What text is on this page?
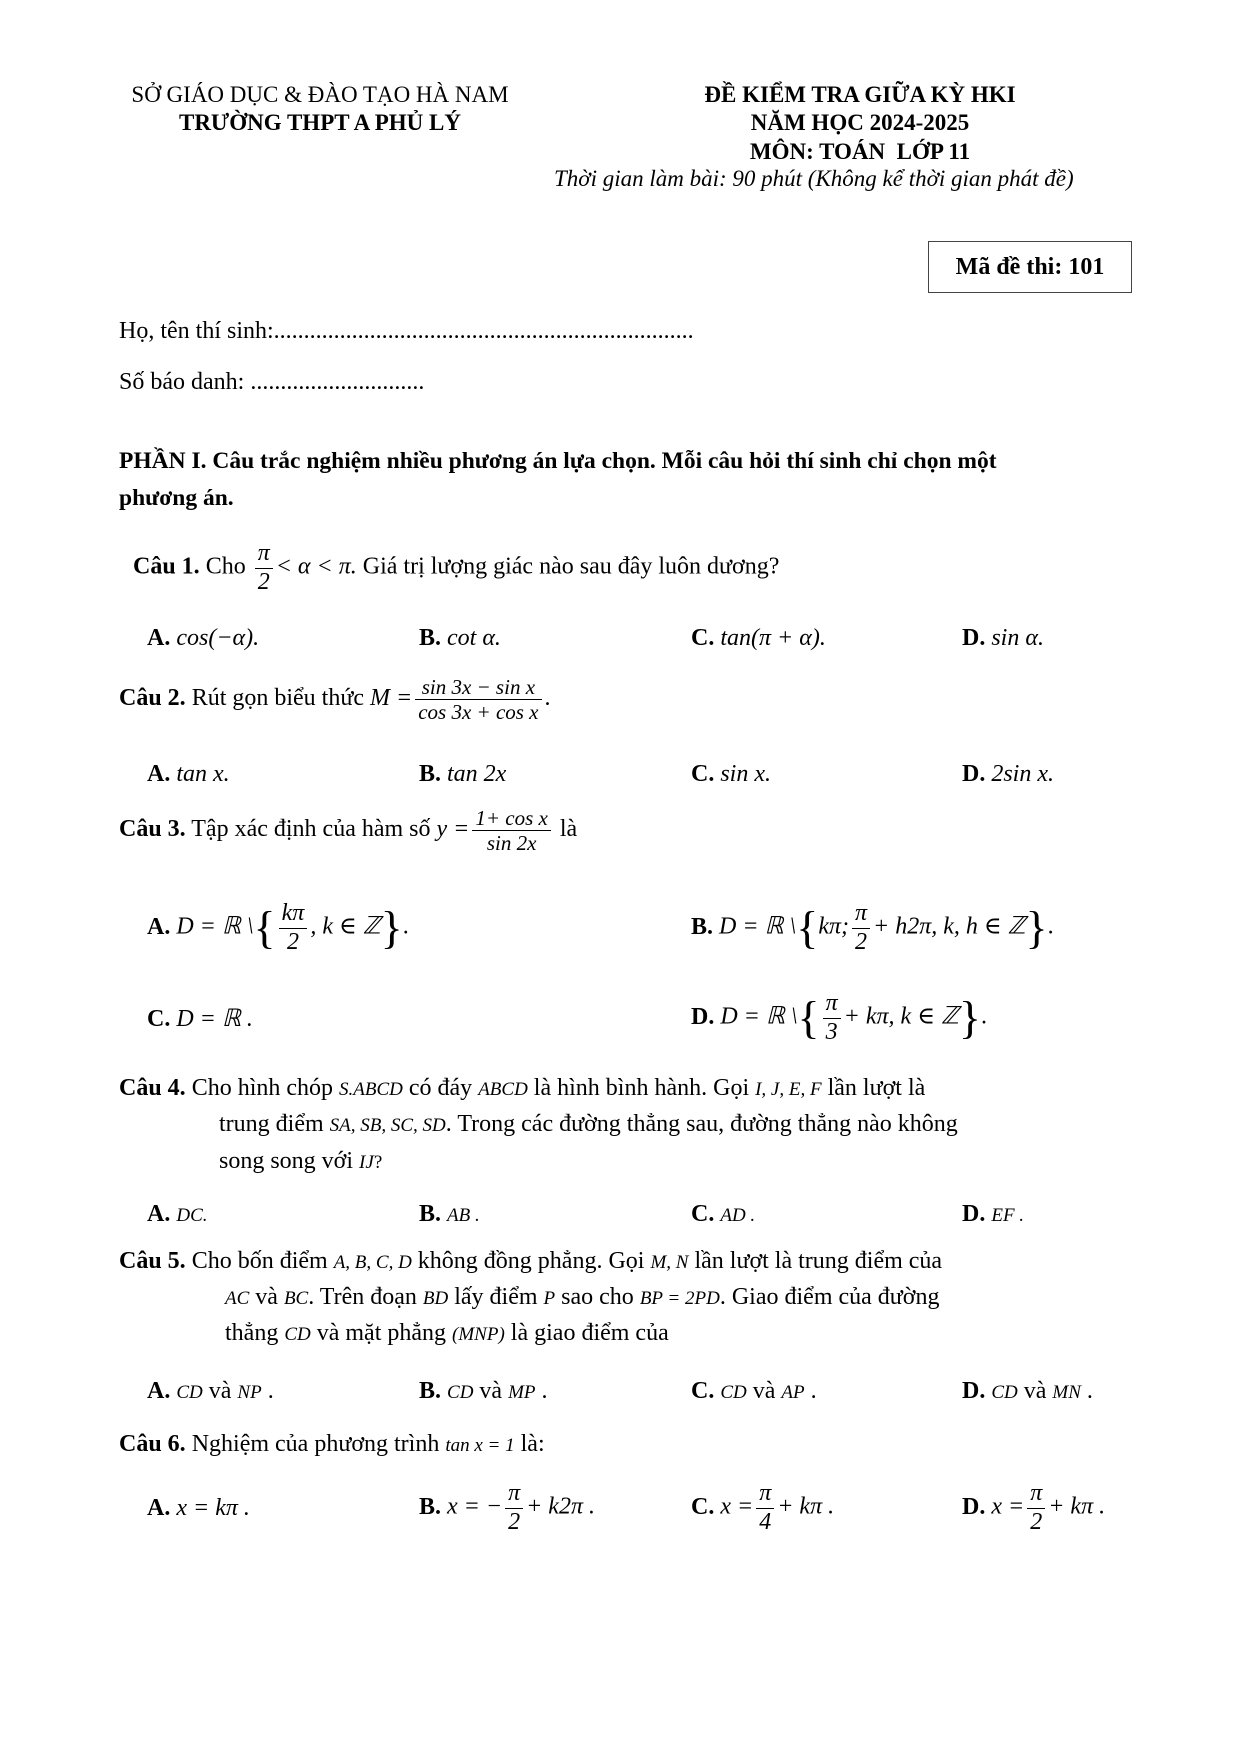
SỞ GIÁO DỤC & ĐÀO TẠO HÀ NAM
TRƯỜNG THPT A PHỦ LÝ
ĐỀ KIỂM TRA GIỮA KỲ HKI
NĂM HỌC 2024-2025
MÔN: TOÁN  LỚP 11
Thời gian làm bài: 90 phút (Không kể thời gian phát đề)
Mã đề thi: 101
Họ, tên thí sinh:......................................................................
Số báo danh: .............................
PHẦN I. Câu trắc nghiệm nhiều phương án lựa chọn. Mỗi câu hỏi thí sinh chỉ chọn một
phương án.
Câu 1. Cho $\frac{\pi}{2} < \alpha < \pi$. Giá trị lượng giác nào sau đây luôn dương?
A. cos(−α).	B. cot α.	C. tan(π + α).	D. sin α.
Câu 2. Rút gọn biểu thức $M = \frac{\text{sin 3x − sin x}}{\text{cos 3x + cos x}}$ .
A. tan x.	B. tan 2x	C. sin x.	D. 2sin x.
Câu 3. Tập xác định của hàm số $y = \frac{\text{1+ cos x}}{\sin 2x}$ là
A. D = ℝ \{ $\frac{k\pi}{2}$ , k ∈ ℤ}.	B. D = ℝ \{kπ; $\frac{\pi}{2} + h2\pi$, k, h ∈ ℤ}.
C. D = ℝ .	D. D = ℝ \{ $\frac{\pi}{3} + k\pi$, k ∈ ℤ}.
Câu 4. Cho hình chóp S.ABCD có đáy ABCD là hình bình hành. Gọi I, J, E, F lần lượt là
trung điểm SA, SB, SC, SD. Trong các đường thẳng sau, đường thẳng nào không
song song với IJ?
A. DC.	B. AB .	C. AD .	D. EF .
Câu 5. Cho bốn điểm A, B, C, D không đồng phẳng. Gọi M, N lần lượt là trung điểm của
AC và BC. Trên đoạn BD lấy điểm P sao cho BP = 2PD. Giao điểm của đường
thẳng CD và mặt phẳng (MNP) là giao điểm của
A. CD và NP .	B. CD và MP .	C. CD và AP .	D. CD và MN .
Câu 6. Nghiệm của phương trình tan x = 1 là:
A. x = kπ .	B. x = − $\frac{\pi}{2} + k2\pi$ .	C. $x = \frac{\pi}{4} + k\pi$ .	D. $x = \frac{\pi}{2} + k\pi$ .
